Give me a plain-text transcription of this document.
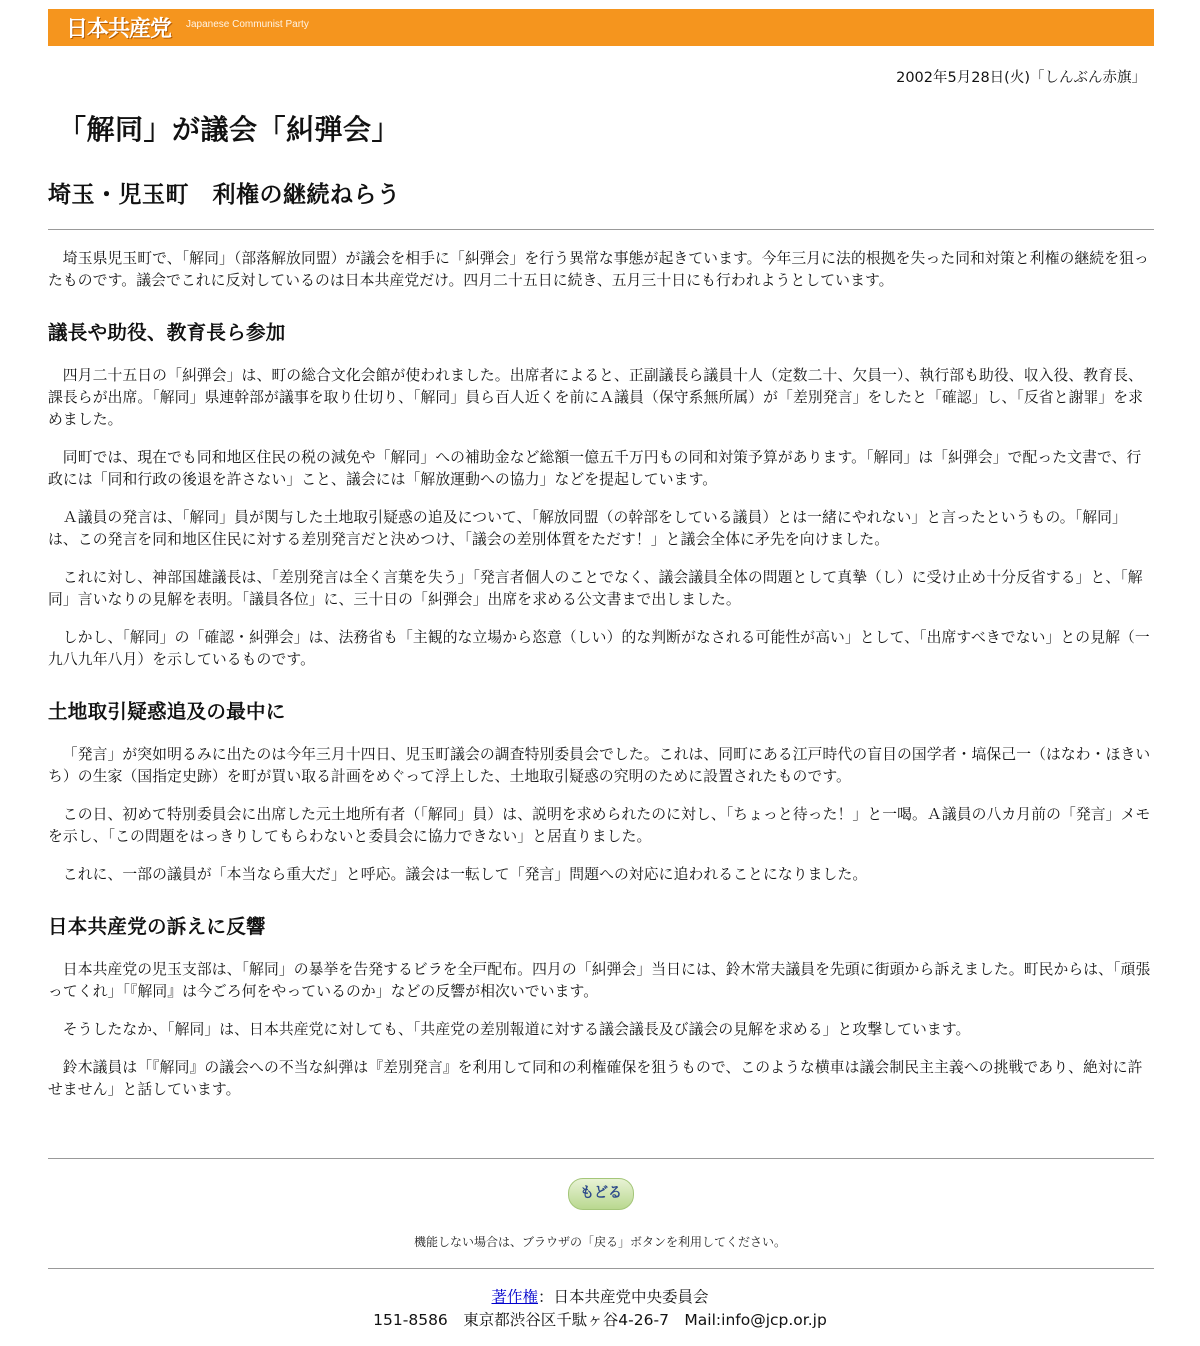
日本共産党 Japanese Communist Party
2002年5月28日(火)「しんぶん赤旗」
「解同」が議会「糾弾会」
埼玉・児玉町　利権の継続ねらう

埼玉県児玉町で、「解同」（部落解放同盟）が議会を相手に「糾弾会」を行う異常な事態が起きています。今年三月に法的根拠を失った同和対策と利権の継続を狙ったものです。議会でこれに反対しているのは日本共産党だけ。四月二十五日に続き、五月三十日にも行われようとしています。

議長や助役、教育長ら参加

四月二十五日の「糾弾会」は、町の総合文化会館が使われました。出席者によると、正副議長ら議員十人（定数二十、欠員一）、執行部も助役、収入役、教育長、課長らが出席。「解同」県連幹部が議事を取り仕切り、「解同」員ら百人近くを前にＡ議員（保守系無所属）が「差別発言」をしたと「確認」し、「反省と謝罪」を求めました。

同町では、現在でも同和地区住民の税の減免や「解同」への補助金など総額一億五千万円もの同和対策予算があります。「解同」は「糾弾会」で配った文書で、行政には「同和行政の後退を許さない」こと、議会には「解放運動への協力」などを提起しています。

Ａ議員の発言は、「解同」員が関与した土地取引疑惑の追及について、「解放同盟（の幹部をしている議員）とは一緒にやれない」と言ったというもの。「解同」は、この発言を同和地区住民に対する差別発言だと決めつけ、「議会の差別体質をただす！」と議会全体に矛先を向けました。

これに対し、神部国雄議長は、「差別発言は全く言葉を失う」「発言者個人のことでなく、議会議員全体の問題として真摯（し）に受け止め十分反省する」と、「解同」言いなりの見解を表明。「議員各位」に、三十日の「糾弾会」出席を求める公文書まで出しました。

しかし、「解同」の「確認・糾弾会」は、法務省も「主観的な立場から恣意（しい）的な判断がなされる可能性が高い」として、「出席すべきでない」との見解（一九八九年八月）を示しているものです。

土地取引疑惑追及の最中に

「発言」が突如明るみに出たのは今年三月十四日、児玉町議会の調査特別委員会でした。これは、同町にある江戸時代の盲目の国学者・塙保己一（はなわ・ほきいち）の生家（国指定史跡）を町が買い取る計画をめぐって浮上した、土地取引疑惑の究明のために設置されたものです。

この日、初めて特別委員会に出席した元土地所有者（「解同」員）は、説明を求められたのに対し、「ちょっと待った！」と一喝。Ａ議員の八カ月前の「発言」メモを示し、「この問題をはっきりしてもらわないと委員会に協力できない」と居直りました。

これに、一部の議員が「本当なら重大だ」と呼応。議会は一転して「発言」問題への対応に追われることになりました。

日本共産党の訴えに反響

日本共産党の児玉支部は、「解同」の暴挙を告発するビラを全戸配布。四月の「糾弾会」当日には、鈴木常夫議員を先頭に街頭から訴えました。町民からは、「頑張ってくれ」「『解同』は今ごろ何をやっているのか」などの反響が相次いでいます。

そうしたなか、「解同」は、日本共産党に対しても、「共産党の差別報道に対する議会議長及び議会の見解を求める」と攻撃しています。

鈴木議員は「『解同』の議会への不当な糾弾は『差別発言』を利用して同和の利権確保を狙うもので、このような横車は議会制民主主義への挑戦であり、絶対に許せません」と話しています。

もどる
機能しない場合は、ブラウザの「戻る」ボタンを利用してください。
著作権：日本共産党中央委員会
151-8586　東京都渋谷区千駄ヶ谷4-26-7　Mail:info@jcp.or.jp
